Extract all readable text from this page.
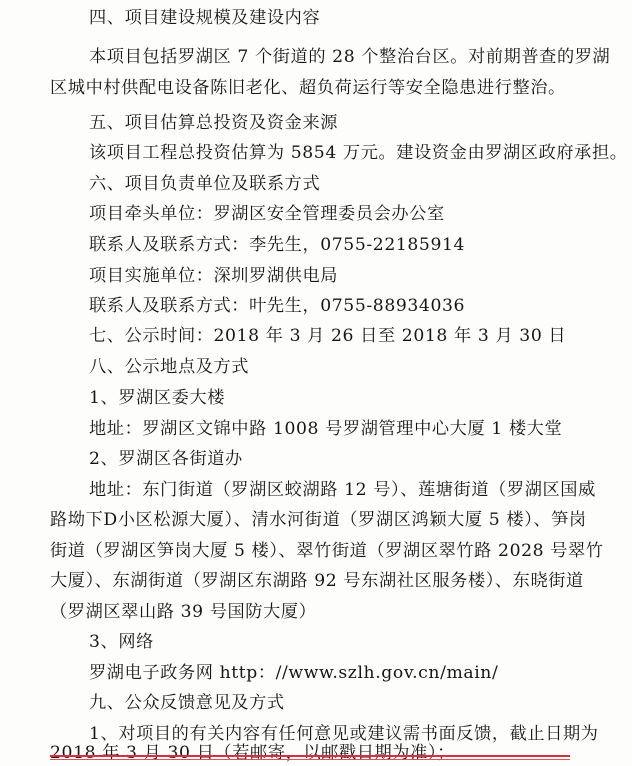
四、项目建设规模及建设内容
本项目包括罗湖区 7 个街道的 28 个整治台区。对前期普查的罗湖
区城中村供配电设备陈旧老化、超负荷运行等安全隐患进行整治。
五、项目估算总投资及资金来源
该项目工程总投资估算为 5854 万元。建设资金由罗湖区政府承担。
六、项目负责单位及联系方式
项目牵头单位：罗湖区安全管理委员会办公室
联系人及联系方式：李先生，0755-22185914
项目实施单位：深圳罗湖供电局
联系人及联系方式：叶先生，0755-88934036
七、公示时间：2018 年 3 月 26 日至 2018 年 3 月 30 日
八、公示地点及方式
1、罗湖区委大楼
地址：罗湖区文锦中路 1008 号罗湖管理中心大厦 1 楼大堂
2、罗湖区各街道办
地址：东门街道（罗湖区蛟湖路 12 号）、莲塘街道（罗湖区国威
路坳下D小区松源大厦）、清水河街道（罗湖区鸿颖大厦 5 楼）、笋岗
街道（罗湖区笋岗大厦 5 楼）、翠竹街道（罗湖区翠竹路 2028 号翠竹
大厦）、东湖街道（罗湖区东湖路 92 号东湖社区服务楼）、东晓街道
（罗湖区翠山路 39 号国防大厦）
3、网络
罗湖电子政务网 http：//www.szlh.gov.cn/main/
九、公众反馈意见及方式
1、对项目的有关内容有任何意见或建议需书面反馈，截止日期为
2018 年 3 月 30 日（若邮寄，以邮戳日期为准）；
